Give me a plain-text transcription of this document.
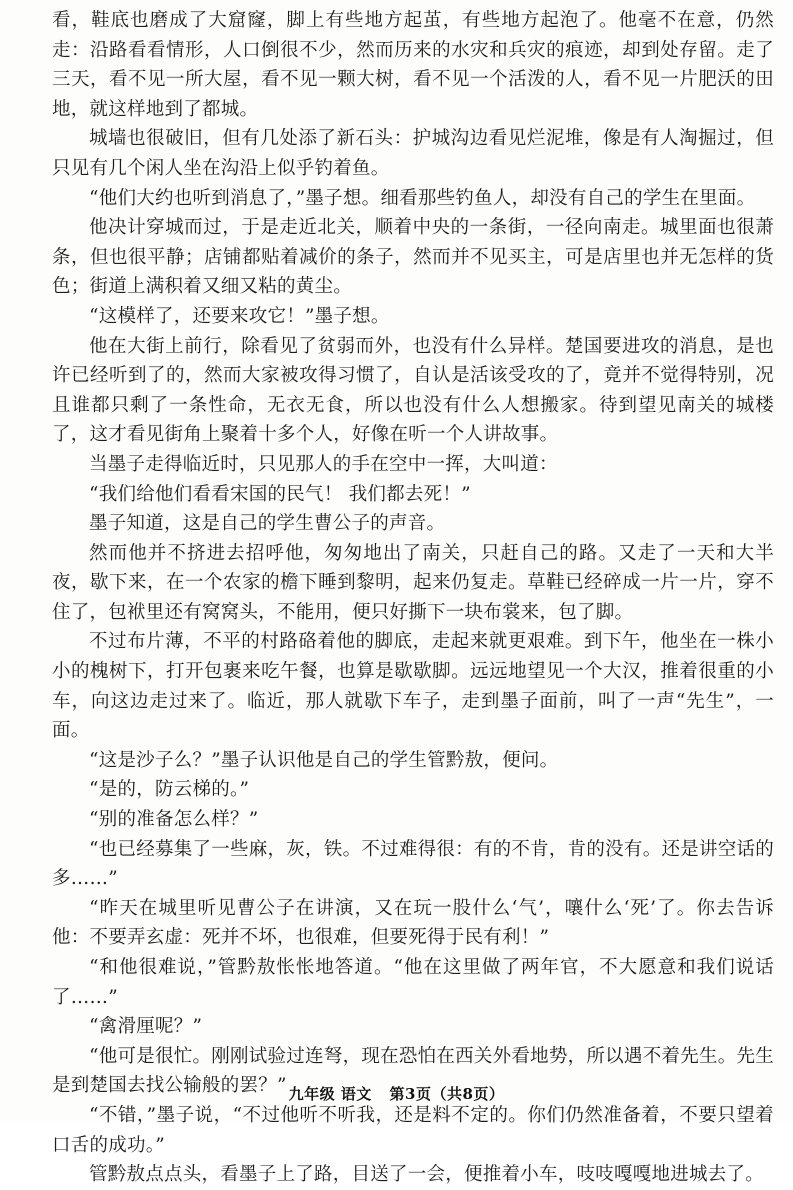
看，鞋底也磨成了大窟窿，脚上有些地方起茧，有些地方起泡了。他毫不在意，仍然走：沿路看看情形，人口倒很不少，然而历来的水灾和兵灾的痕迹，却到处存留。走了三天，看不见一所大屋，看不见一颗大树，看不见一个活泼的人，看不见一片肥沃的田地，就这样地到了都城。

城墙也很破旧，但有几处添了新石头：护城沟边看见烂泥堆，像是有人淘掘过，但只见有几个闲人坐在沟沿上似乎钓着鱼。

“他们大约也听到消息了，”墨子想。细看那些钓鱼人，却没有自己的学生在里面。

他决计穿城而过，于是走近北关，顺着中央的一条街，一径向南走。城里面也很萧条，但也很平静；店铺都贴着减价的条子，然而并不见买主，可是店里也并无怎样的货色；街道上满积着又细又粘的黄尘。

“这模样了，还要来攻它！”墨子想。

他在大街上前行，除看见了贫弱而外，也没有什么异样。楚国要进攻的消息，是也许已经听到了的，然而大家被攻得习惯了，自认是活该受攻的了，竟并不觉得特别，况且谁都只剩了一条性命，无衣无食，所以也没有什么人想搬家。待到望见南关的城楼了，这才看见街角上聚着十多个人，好像在听一个人讲故事。

当墨子走得临近时，只见那人的手在空中一挥，大叫道：

“我们给他们看看宋国的民气！ 我们都去死！”

墨子知道，这是自己的学生曹公子的声音。

然而他并不挤进去招呼他，匆匆地出了南关，只赶自己的路。又走了一天和大半夜，歇下来，在一个农家的檐下睡到黎明，起来仍复走。草鞋已经碎成一片一片，穿不住了，包袱里还有窝窝头，不能用，便只好撕下一块布裳来，包了脚。

不过布片薄，不平的村路硌着他的脚底，走起来就更艰难。到下午，他坐在一株小小的槐树下，打开包裹来吃午餐，也算是歇歇脚。远远地望见一个大汉，推着很重的小车，向这边走过来了。临近，那人就歇下车子，走到墨子面前，叫了一声“先生”，一面。

“这是沙子么？”墨子认识他是自己的学生管黔敖，便问。

“是的，防云梯的。”

“别的准备怎么样？”

“也已经募集了一些麻，灰，铁。不过难得很：有的不肯，肯的没有。还是讲空话的多……”

“昨天在城里听见曹公子在讲演，又在玩一股什么‘气’，嚷什么‘死’了。你去告诉他：不要弄玄虚：死并不坏，也很难，但要死得于民有利！”

“和他很难说，”管黔敖怅怅地答道。“他在这里做了两年官，不大愿意和我们说话了……”

“禽滑厘呢？”

“他可是很忙。刚刚试验过连弩，现在恐怕在西关外看地势，所以遇不着先生。先生是到楚国去找公输般的罢？”

“不错，”墨子说，“不过他听不听我，还是料不定的。你们仍然准备着，不要只望着口舌的成功。”

管黔敖点点头，看墨子上了路，目送了一会，便推着小车，吱吱嘎嘎地进城去了。

九年级 语文 第3页（共8页）
